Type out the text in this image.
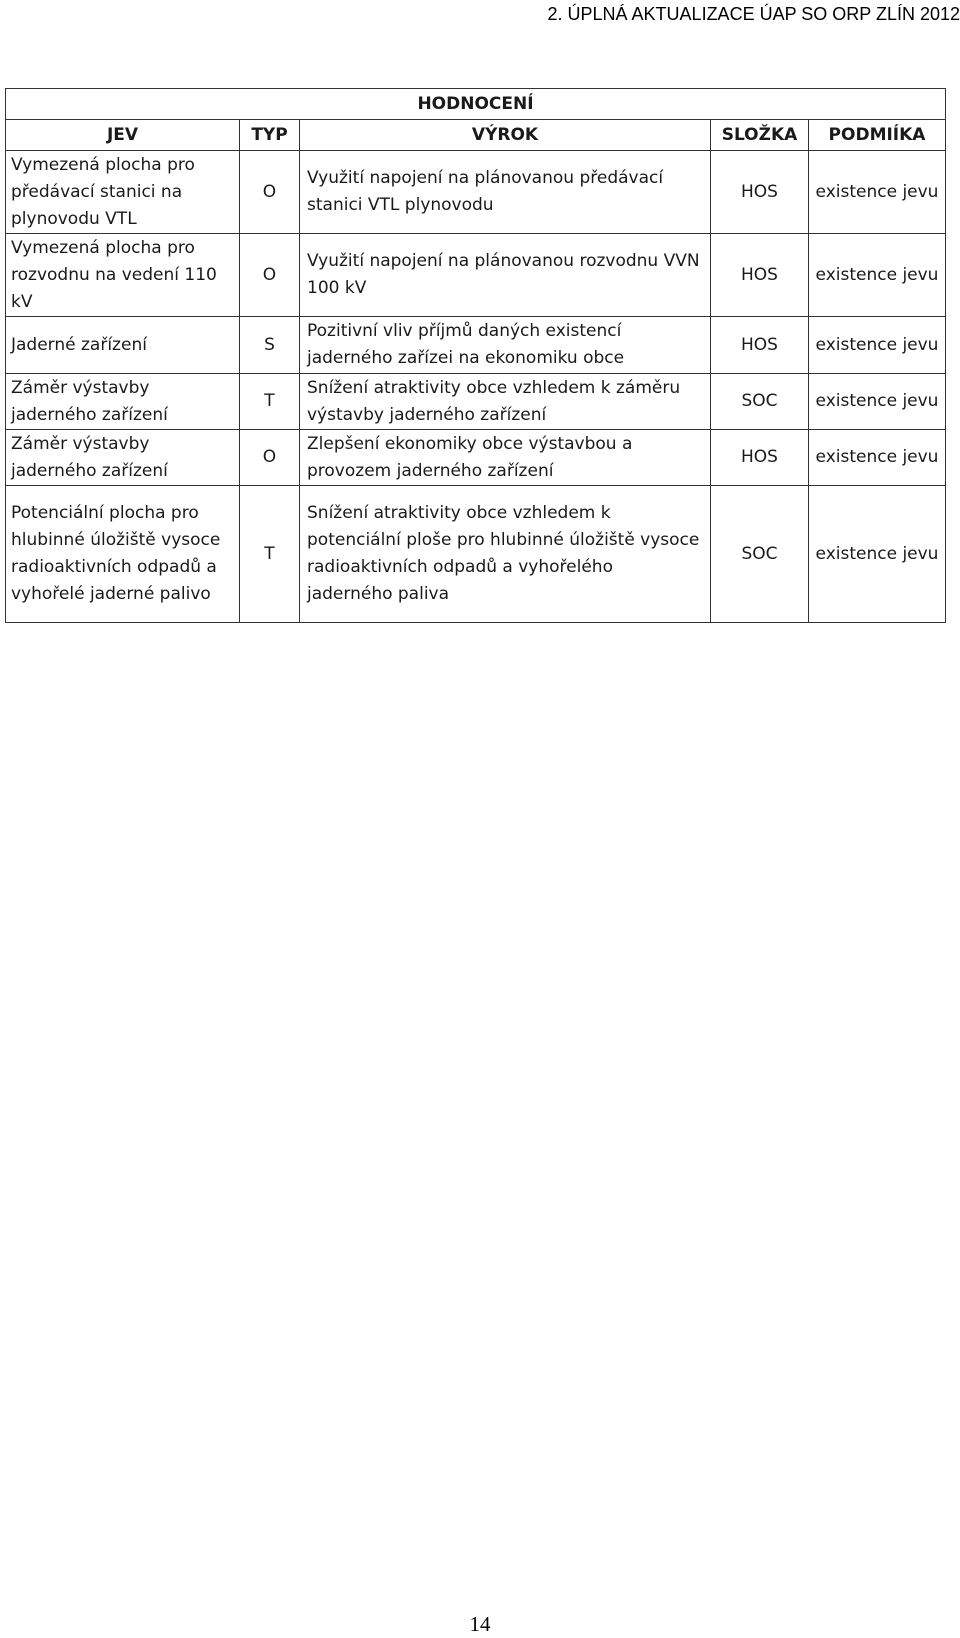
2. ÚPLNÁ AKTUALIZACE ÚAP SO ORP ZLÍN 2012
HODNOCENÍ				
JEV	TYP	VÝROK	SLOŽKA	PODMIÍKA
Vymezená plocha pro předávací stanici na plynovodu VTL	O	Využití napojení na plánovanou předávací stanici VTL plynovodu	HOS	existence jevu
Vymezená plocha pro rozvodnu na vedení 110 kV	O	Využití napojení na plánovanou rozvodnu VVN 100 kV	HOS	existence jevu
Jaderné zařízení	S	Pozitivní vliv příjmů daných existencí jaderného zařízei na ekonomiku obce	HOS	existence jevu
Záměr výstavby jaderného zařízení	T	Snížení atraktivity obce vzhledem k záměru výstavby jaderného zařízení	SOC	existence jevu
Záměr výstavby jaderného zařízení	O	Zlepšení ekonomiky obce výstavbou a provozem jaderného zařízení	HOS	existence jevu
Potenciální plocha pro hlubinné úložiště vysoce radioaktivních odpadů a vyhořelé jaderné palivo	T	Snížení atraktivity obce vzhledem k potenciální ploše pro hlubinné úložiště vysoce radioaktivních odpadů a vyhořelého jaderného paliva	SOC	existence jevu
14
